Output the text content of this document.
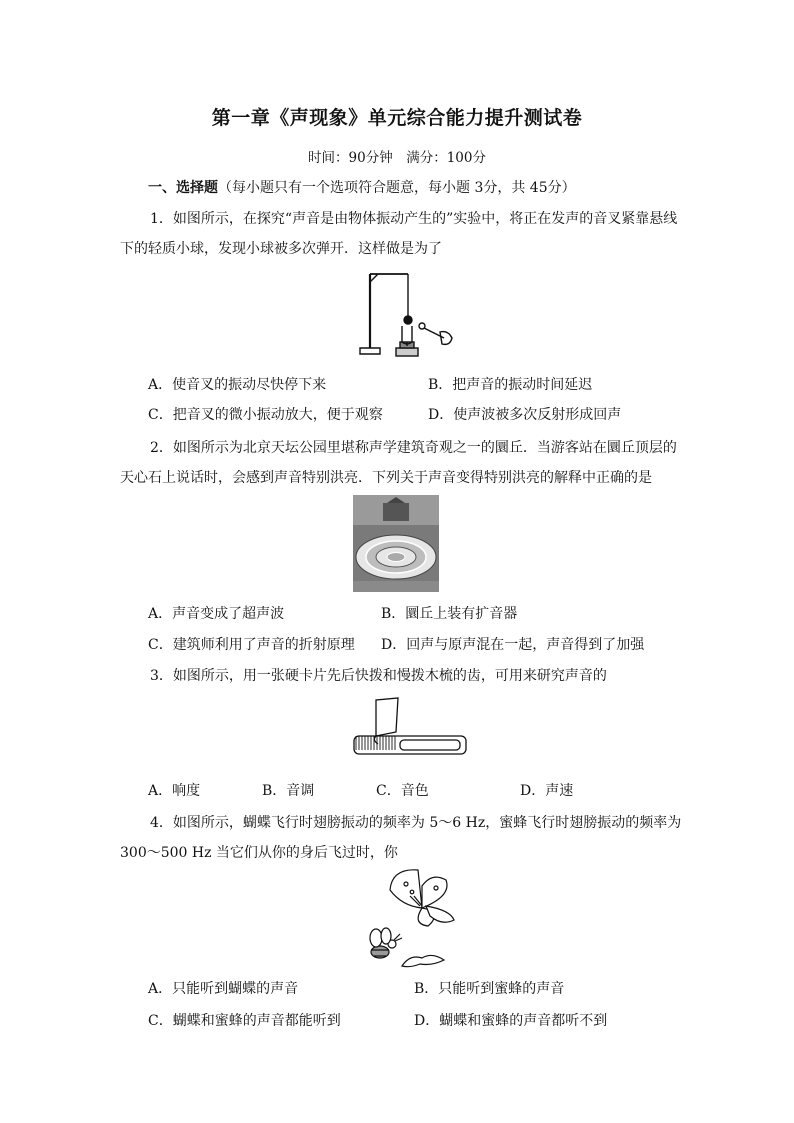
第一章《声现象》单元综合能力提升测试卷
时间：90分钟　满分：100分
一、选择题（每小题只有一个选项符合题意，每小题 3分，共 45分）
1．如图所示，在探究“声音是由物体振动产生的”实验中，将正在发声的音叉紧靠悬线
下的轻质小球，发现小球被多次弹开．这样做是为了
A．使音叉的振动尽快停下来	B．把声音的振动时间延迟
C．把音叉的微小振动放大，便于观察	D．使声波被多次反射形成回声
2．如图所示为北京天坛公园里堪称声学建筑奇观之一的圜丘．当游客站在圜丘顶层的
天心石上说话时，会感到声音特别洪亮．下列关于声音变得特别洪亮的解释中正确的是
A．声音变成了超声波	B．圜丘上装有扩音器
C．建筑师利用了声音的折射原理 D．回声与原声混在一起，声音得到了加强
3．如图所示，用一张硬卡片先后快拨和慢拨木梳的齿，可用来研究声音的
A．响度	B．音调	C．音色	D．声速
4．如图所示，蝴蝶飞行时翅膀振动的频率为 5～6 Hz，蜜蜂飞行时翅膀振动的频率为
300～500 Hz 当它们从你的身后飞过时，你
A．只能听到蝴蝶的声音	B．只能听到蜜蜂的声音
C．蝴蝶和蜜蜂的声音都能听到	D．蝴蝶和蜜蜂的声音都听不到
